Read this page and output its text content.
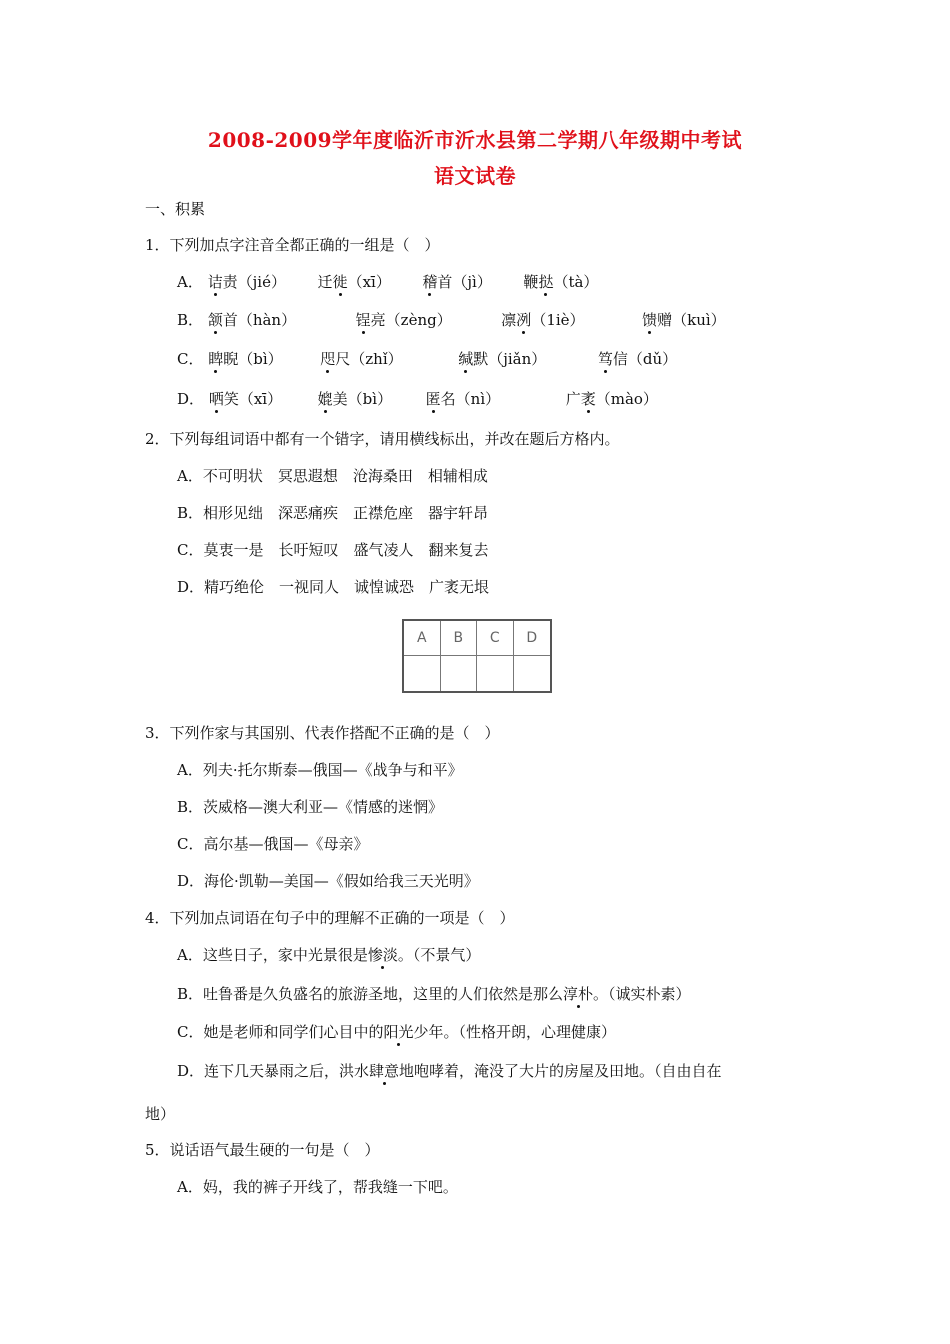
2008-2009学年度临沂市沂水县第二学期八年级期中考试
语文试卷
一、积累
1．下列加点字注音全都正确的一组是（　）
A． 诘责（jié） 迁徙（xī） 稽首（jì） 鞭挞（tà）
B． 颔首（hàn）	锃亮（zèng）	凛冽（1iè）	馈赠（kuì）
C． 睥睨（bì）	咫尺（zhǐ）	缄默（jiǎn）	笃信（dǔ）
D． 哂笑（xī） 媲美（bì） 匿名（nì）	广袤（mào）
2．下列每组词语中都有一个错字，请用横线标出，并改在题后方格内。
A．不可明状　冥思遐想　沧海桑田　相辅相成
B．相形见绌　深恶痛疾　正襟危座　器宇轩昂
C．莫衷一是　长吁短叹　盛气凌人　翻来复去
D．精巧绝伦　一视同人　诚惶诚恐　广袤无垠
A	B	C	D
3．下列作家与其国别、代表作搭配不正确的是（　）
A．列夫·托尔斯泰—俄国—《战争与和平》
B．茨威格—澳大利亚—《情感的迷惘》
C．高尔基—俄国—《母亲》
D．海伦·凯勒—美国—《假如给我三天光明》
4．下列加点词语在句子中的理解不正确的一项是（　）
A．这些日子，家中光景很是惨淡。（不景气）
B．吐鲁番是久负盛名的旅游圣地，这里的人们依然是那么淳朴。（诚实朴素）
C．她是老师和同学们心目中的阳光少年。（性格开朗，心理健康）
D．连下几天暴雨之后，洪水肆意地咆哮着，淹没了大片的房屋及田地。（自由自在
地）
5．说话语气最生硬的一句是（　）
A．妈，我的裤子开线了，帮我缝一下吧。
